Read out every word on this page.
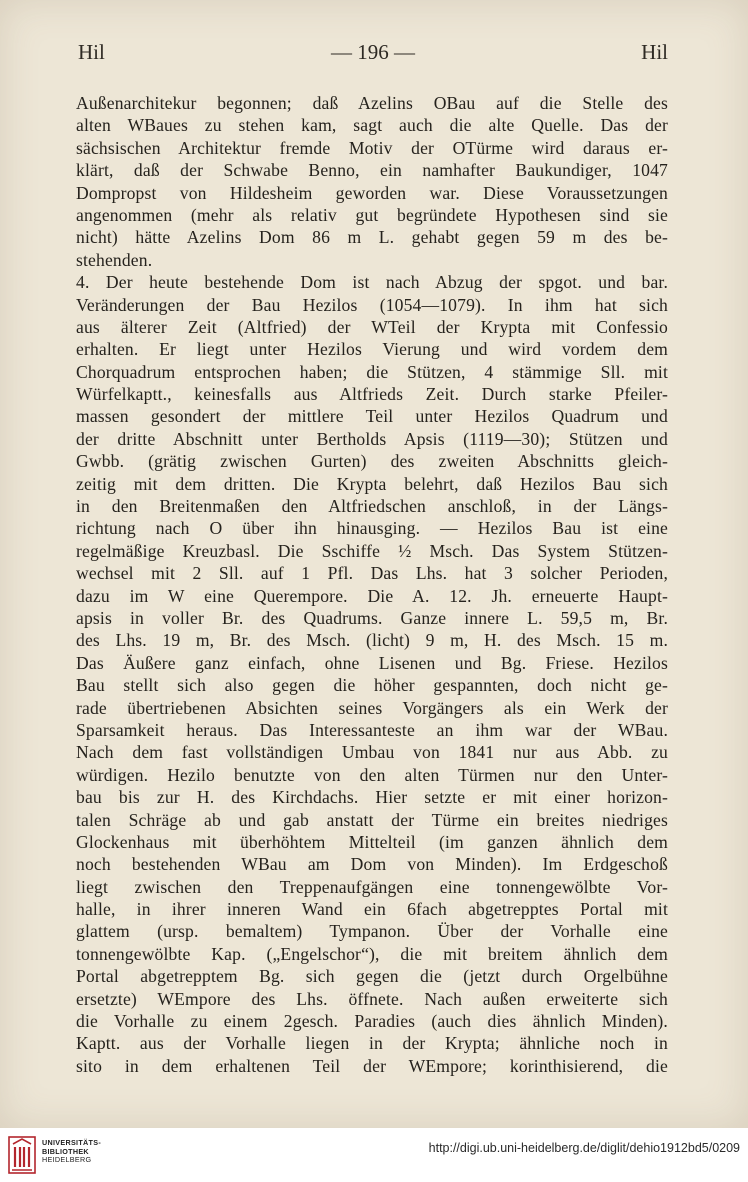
Hil	— 196 —	Hil
Außenarchitekur begonnen; daß Azelins OBau auf die Stelle des
alten WBaues zu stehen kam, sagt auch die alte Quelle. Das der
sächsischen Architektur fremde Motiv der OTürme wird daraus er-
klärt, daß der Schwabe Benno, ein namhafter Baukundiger, 1047
Dompropst von Hildesheim geworden war. Diese Voraussetzungen
angenommen (mehr als relativ gut begründete Hypothesen sind sie
nicht) hätte Azelins Dom 86 m L. gehabt gegen 59 m des be-
stehenden.
4. Der heute bestehende Dom ist nach Abzug der spgot. und bar.
Veränderungen der Bau Hezilos (1054—1079). In ihm hat sich
aus älterer Zeit (Altfried) der WTeil der Krypta mit Confessio
erhalten. Er liegt unter Hezilos Vierung und wird vordem dem
Chorquadrum entsprochen haben; die Stützen, 4 stämmige Sll. mit
Würfelkaptt., keinesfalls aus Altfrieds Zeit. Durch starke Pfeiler-
massen gesondert der mittlere Teil unter Hezilos Quadrum und
der dritte Abschnitt unter Bertholds Apsis (1119—30); Stützen und
Gwbb. (grätig zwischen Gurten) des zweiten Abschnitts gleich-
zeitig mit dem dritten. Die Krypta belehrt, daß Hezilos Bau sich
in den Breitenmaßen den Altfriedschen anschloß, in der Längs-
richtung nach O über ihn hinausging. — Hezilos Bau ist eine
regelmäßige Kreuzbasl. Die Sschiffe ½ Msch. Das System Stützen-
wechsel mit 2 Sll. auf 1 Pfl. Das Lhs. hat 3 solcher Perioden,
dazu im W eine Querempore. Die A. 12. Jh. erneuerte Haupt-
apsis in voller Br. des Quadrums. Ganze innere L. 59,5 m, Br.
des Lhs. 19 m, Br. des Msch. (licht) 9 m, H. des Msch. 15 m.
Das Äußere ganz einfach, ohne Lisenen und Bg. Friese. Hezilos
Bau stellt sich also gegen die höher gespannten, doch nicht ge-
rade übertriebenen Absichten seines Vorgängers als ein Werk der
Sparsamkeit heraus. Das Interessanteste an ihm war der WBau.
Nach dem fast vollständigen Umbau von 1841 nur aus Abb. zu
würdigen. Hezilo benutzte von den alten Türmen nur den Unter-
bau bis zur H. des Kirchdachs. Hier setzte er mit einer horizon-
talen Schräge ab und gab anstatt der Türme ein breites niedriges
Glockenhaus mit überhöhtem Mittelteil (im ganzen ähnlich dem
noch bestehenden WBau am Dom von Minden). Im Erdgeschoß
liegt zwischen den Treppenaufgängen eine tonnengewölbte Vor-
halle, in ihrer inneren Wand ein 6fach abgetrepptes Portal mit
glattem (ursp. bemaltem) Tympanon. Über der Vorhalle eine
tonnengewölbte Kap. („Engelschor“), die mit breitem ähnlich dem
Portal abgetrepptem Bg. sich gegen die (jetzt durch Orgelbühne
ersetzte) WEmpore des Lhs. öffnete. Nach außen erweiterte sich
die Vorhalle zu einem 2gesch. Paradies (auch dies ähnlich Minden).
Kaptt. aus der Vorhalle liegen in der Krypta; ähnliche noch in
sito in dem erhaltenen Teil der WEmpore; korinthisierend, die
UNIVERSITÄTS-
BIBLIOTHEK
HEIDELBERG
http://digi.ub.uni-heidelberg.de/diglit/dehio1912bd5/0209
